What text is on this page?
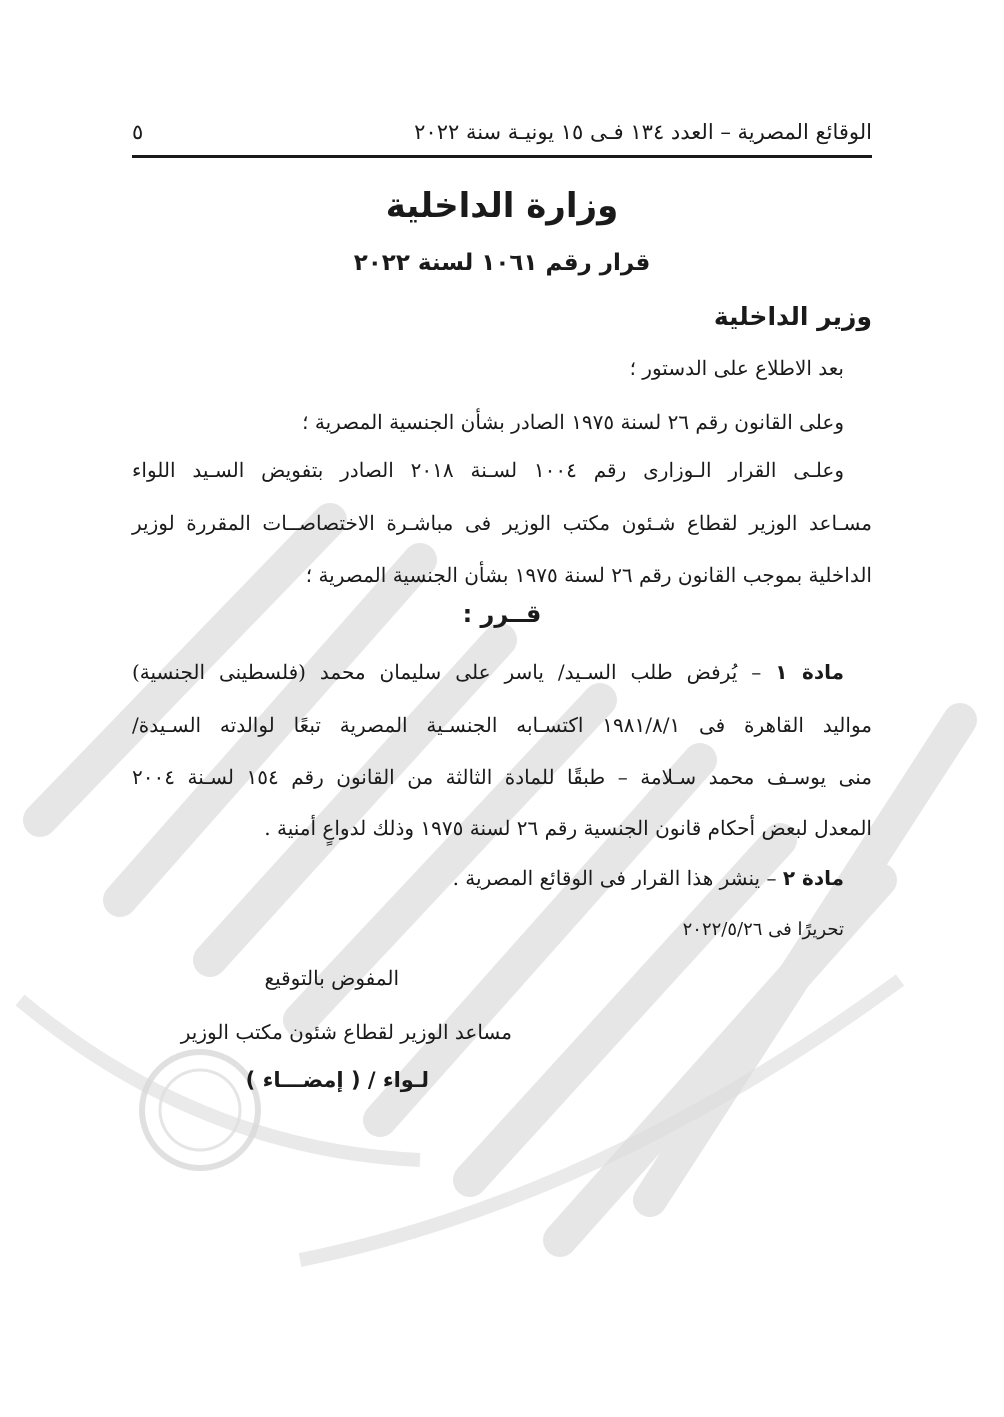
الوقائع المصرية – العدد ١٣٤ فـى ١٥ يونيـة سنة ٢٠٢٢
٥
وزارة الداخلية
قرار رقم ١٠٦١ لسنة ٢٠٢٢
وزير الداخلية
بعد الاطلاع على الدستور ؛
وعلى القانون رقم ٢٦ لسنة ١٩٧٥ الصادر بشأن الجنسية المصرية ؛
وعلـى القرار الـوزارى رقم ١٠٠٤ لسـنة ٢٠١٨ الصادر بتفويض السـيد اللواء
مسـاعد الوزير لقطاع شـئون مكتب الوزير فى مباشـرة الاختصاصــات المقررة لوزير
الداخلية بموجب القانون رقم ٢٦ لسنة ١٩٧٥ بشأن الجنسية المصرية ؛
قــرر :
مادة ١ – يُرفض طلب السـيد/ ياسر على سليمان محمد (فلسطينى الجنسية)
مواليد القاهرة فى ١٩٨١/٨/١ اكتسـابه الجنسـية المصرية تبعًا لوالدته السـيدة/
منى يوسـف محمد سـلامة – طبقًا للمادة الثالثة من القانون رقم ١٥٤ لسـنة ٢٠٠٤
المعدل لبعض أحكام قانون الجنسية رقم ٢٦ لسنة ١٩٧٥ وذلك لدواعٍ أمنية .
مادة ٢ – ينشر هذا القرار فى الوقائع المصرية .
تحريرًا فى ٢٠٢٢/٥/٢٦
المفوض بالتوقيع
مساعد الوزير لقطاع شئون مكتب الوزير
لـواء / ( إمضـــاء )
